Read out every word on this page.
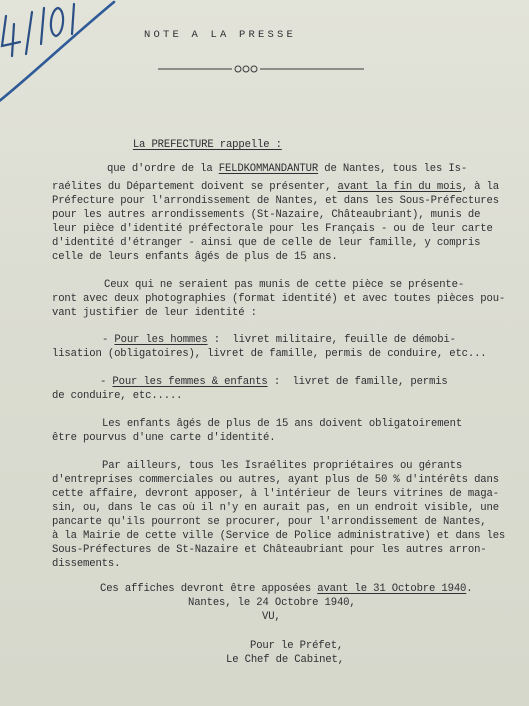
NOTE A LA PRESSE

La PREFECTURE rappelle :

que d'ordre de la FELDKOMMANDANTUR de Nantes, tous les Is-
raélites du Département doivent se présenter, avant la fin du mois, à la
Préfecture pour l'arrondissement de Nantes, et dans les Sous-Préfectures
pour les autres arrondissements (St-Nazaire, Châteaubriant), munis de
leur pièce d'identité préfectorale pour les Français - ou de leur carte
d'identité d'étranger - ainsi que de celle de leur famille, y compris
celle de leurs enfants âgés de plus de 15 ans.
Ceux qui ne seraient pas munis de cette pièce se présente-
ront avec deux photographies (format identité) et avec toutes pièces pou-
vant justifier de leur identité :
- Pour les hommes :  livret militaire, feuille de démobi-
lisation (obligatoires), livret de famille, permis de conduire, etc...
- Pour les femmes & enfants :  livret de famille, permis
de conduire, etc.....
Les enfants âgés de plus de 15 ans doivent obligatoirement
être pourvus d'une carte d'identité.
Par ailleurs, tous les Israélites propriétaires ou gérants
d'entreprises commerciales ou autres, ayant plus de 50 % d'intérêts dans
cette affaire, devront apposer, à l'intérieur de leurs vitrines de maga-
sin, ou, dans le cas où il n'y en aurait pas, en un endroit visible, une
pancarte qu'ils pourront se procurer, pour l'arrondissement de Nantes,
à la Mairie de cette ville (Service de Police administrative) et dans les
Sous-Préfectures de St-Nazaire et Châteaubriant pour les autres arron-
dissements.
Ces affiches devront être apposées avant le 31 Octobre 1940.
Nantes, le 24 Octobre 1940,
VU,
Pour le Préfet,
Le Chef de Cabinet,
